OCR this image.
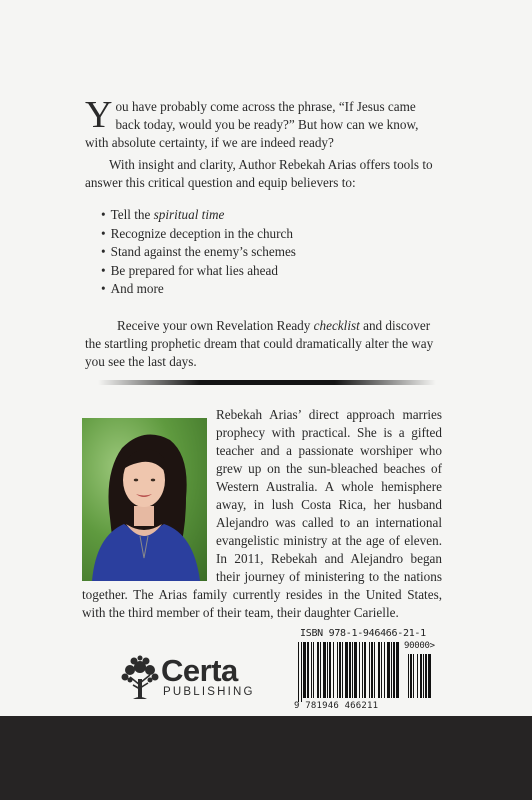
You have probably come across the phrase, “If Jesus came back today, would you be ready?” But how can we know, with absolute certainty, if we are indeed ready?

With insight and clarity, Author Rebekah Arias offers tools to answer this critical question and equip believers to:

• Tell the spiritual time
• Recognize deception in the church
• Stand against the enemy’s schemes
• Be prepared for what lies ahead
• And more

Receive your own Revelation Ready checklist and discover the startling prophetic dream that could dramatically alter the way you see the last days.

Rebekah Arias’ direct approach marries prophecy with practical. She is a gifted teacher and a passionate worshiper who grew up on the sun-bleached beaches of Western Australia. A whole hemisphere away, in lush Costa Rica, her husband Alejandro was called to an international evangelistic ministry at the age of eleven. In 2011, Rebekah and Alejandro began their journey of ministering to the nations together. The Arias family currently resides in the United States, with the third member of their team, their daughter Carielle.
ISBN 978-1-946466-21-1
9 781946 466211
90000>
Certa
PUBLISHING
